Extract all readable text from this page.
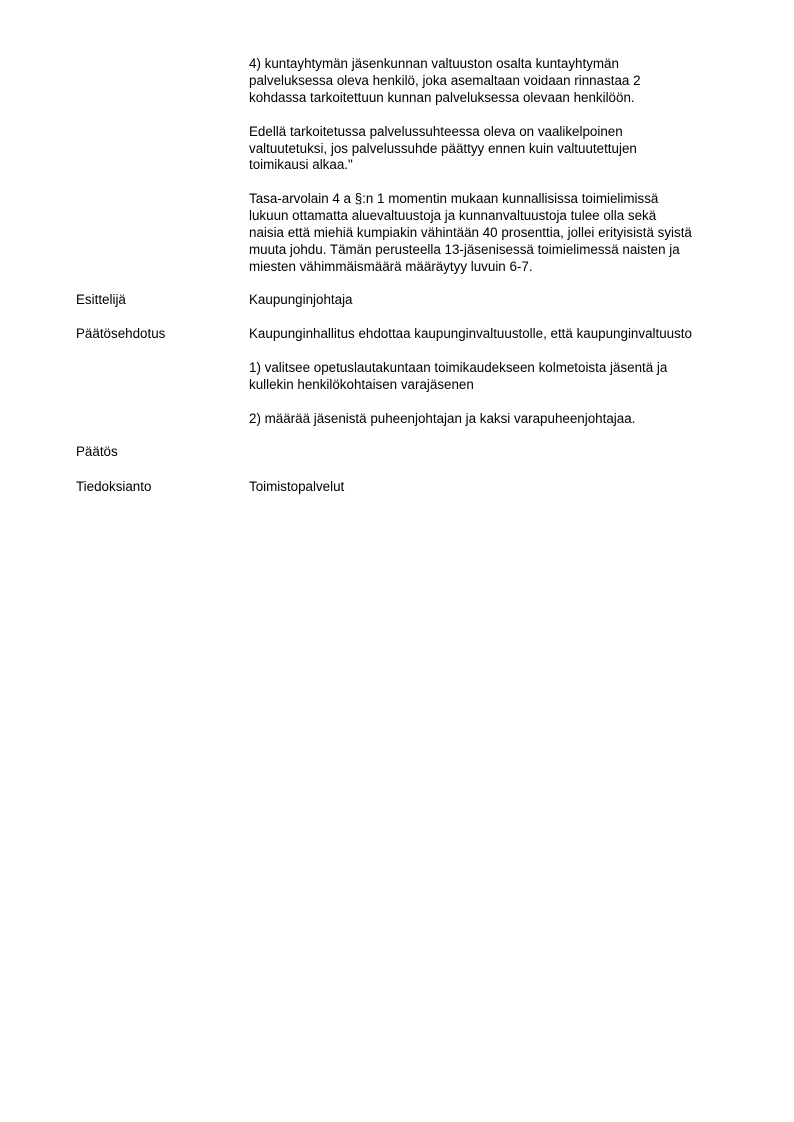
4) kuntayhtymän jäsenkunnan valtuuston osalta kuntayhtymän
palveluksessa oleva henkilö, joka asemaltaan voidaan rinnastaa 2
kohdassa tarkoitettuun kunnan palveluksessa olevaan henkilöön.
Edellä tarkoitetussa palvelussuhteessa oleva on vaalikelpoinen
valtuutetuksi, jos palvelussuhde päättyy ennen kuin valtuutettujen
toimikausi alkaa."
Tasa-arvolain 4 a §:n 1 momentin mukaan kunnallisissa toimielimissä
lukuun ottamatta aluevaltuustoja ja kunnanvaltuustoja tulee olla sekä
naisia että miehiä kumpiakin vähintään 40 prosenttia, jollei erityisistä syistä
muuta johdu. Tämän perusteella 13-jäsenisessä toimielimessä naisten ja
miesten vähimmäismäärä määräytyy luvuin 6-7.
Esittelijä	Kaupunginjohtaja
Päätösehdotus	Kaupunginhallitus ehdottaa kaupunginvaltuustolle, että kaupunginvaltuusto
1) valitsee opetuslautakuntaan toimikaudekseen kolmetoista jäsentä ja
kullekin henkilökohtaisen varajäsenen
2) määrää jäsenistä puheenjohtajan ja kaksi varapuheenjohtajaa.
Päätös
Tiedoksianto	Toimistopalvelut
